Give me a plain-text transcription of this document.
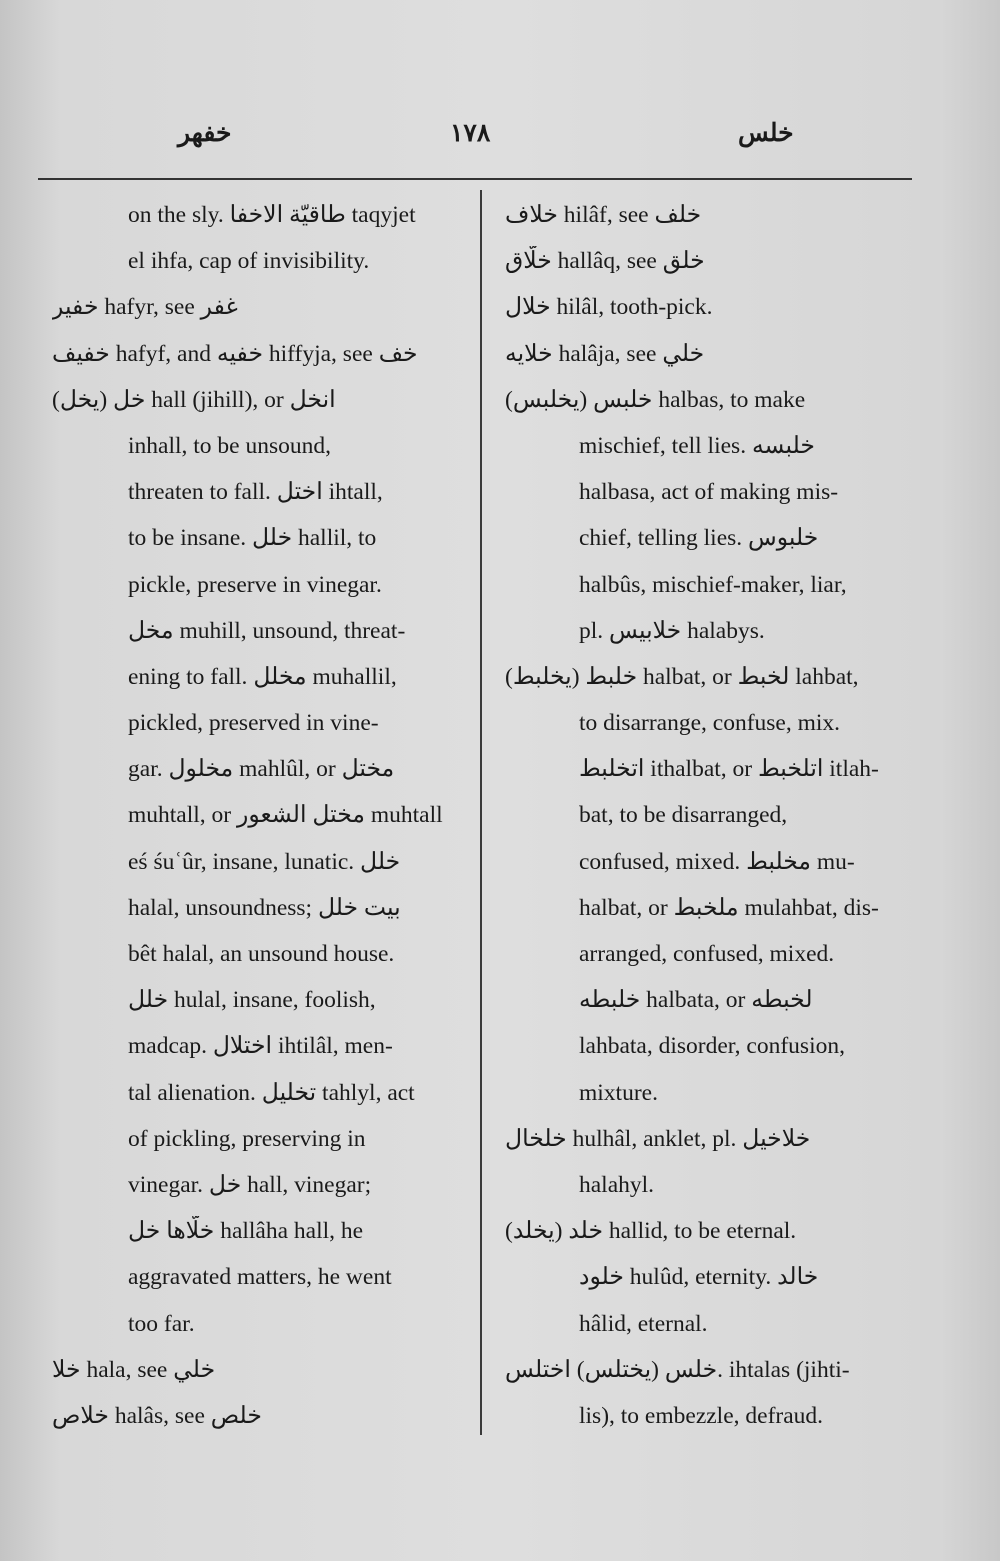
خفهر	١٧٨	خلس
on the sly. طاقيّة الاخفا taqyjet
el ihfa, cap of invisibility.
خفير hafyr, see غفر
خفيف hafyf, and خفيه hiffyja, see خف
خل (يخل) hall (jihill), or انخل
inhall, to be unsound,
threaten to fall. اختل ihtall,
to be insane. خلل hallil, to
pickle, preserve in vinegar.
مخل muhill, unsound, threat-
ening to fall. مخلل muhallil,
pickled, preserved in vine-
gar. مخلول mahlûl, or مختل
muhtall, or مختل الشعور muhtall
eś śuʿûr, insane, lunatic. خلل
halal, unsoundness; بيت خلل
bêt halal, an unsound house.
خلل hulal, insane, foolish,
madcap. اختلال ihtilâl, men-
tal alienation. تخليل tahlyl, act
of pickling, preserving in
vinegar. خل hall, vinegar;
خلّاها خل hallâha hall, he
aggravated matters, he went
too far.
خلا hala, see خلي
خلاص halâs, see خلص
خلاف hilâf, see خلف
خلّاق hallâq, see خلق
خلال hilâl, tooth-pick.
خلايه halâja, see خلي
خلبس (يخلبس) halbas, to make
mischief, tell lies. خلبسه
halbasa, act of making mis-
chief, telling lies. خلبوس
halbûs, mischief-maker, liar,
pl. خلابيس halabys.
خلبط (يخلبط) halbat, or لخبط lahbat,
to disarrange, confuse, mix.
اتخلبط ithalbat, or اتلخبط itlah-
bat, to be disarranged,
confused, mixed. مخلبط mu-
halbat, or ملخبط mulahbat, dis-
arranged, confused, mixed.
خلبطه halbata, or لخبطه
lahbata, disorder, confusion,
mixture.
خلخال hulhâl, anklet, pl. خلاخيل
halahyl.
خلد (يخلد) hallid, to be eternal.
خلود hulûd, eternity. خالد
hâlid, eternal.
خلس (يختلس) اختلس. ihtalas (jihti-
lis), to embezzle, defraud.
